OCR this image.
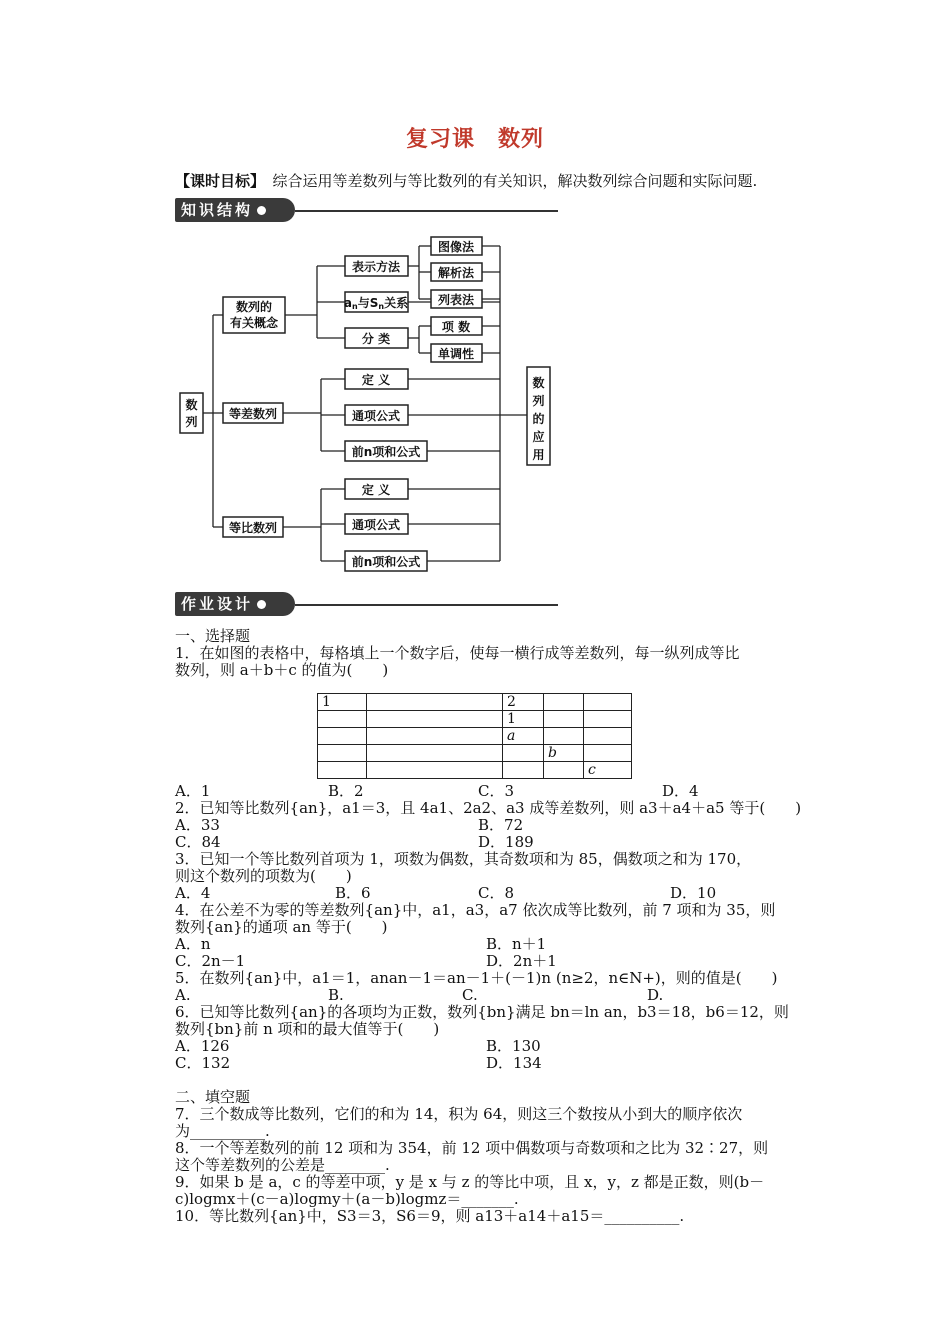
复习课　数列
【课时目标】　综合运用等差数列与等比数列的有关知识，解决数列综合问题和实际问题.
知识结构
数
列
数列的
有关概念
等差数列
等比数列
表示方法
an与Sn关系
分 类
图像法
解析法
列表法
项 数
单调性
定 义
通项公式
前n项和公式
定 义
通项公式
前n项和公式
数
列
的
应
用
作业设计
一、选择题
1．在如图的表格中，每格填上一个数字后，使每一横行成等差数列，每一纵列成等比
数列，则 a＋b＋c 的值为(　　)
1		2		
		1		
		a		
			b	
				c
A．1	B．2	C．3	D．4
2．已知等比数列{an}，a1＝3，且 4a1、2a2、a3 成等差数列，则 a3＋a4＋a5 等于(　　)
A．33	B．72
C．84	D．189
3．已知一个等比数列首项为 1，项数为偶数，其奇数项和为 85，偶数项之和为 170，
则这个数列的项数为(　　)
A．4	B．6	C．8	D．10
4．在公差不为零的等差数列{an}中，a1，a3，a7 依次成等比数列，前 7 项和为 35，则
数列{an}的通项 an 等于(　　)
A．n	B．n＋1
C．2n－1	D．2n＋1
5．在数列{an}中，a1＝1，anan－1＝an－1＋(－1)n (n≥2，n∈N+)，则的值是(　　)
A.	B.	C.	D.
6．已知等比数列{an}的各项均为正数，数列{bn}满足 bn＝ln an，b3＝18，b6＝12，则
数列{bn}前 n 项和的最大值等于(　　)
A．126	B．130
C．132	D．134
二、填空题
7．三个数成等比数列，它们的和为 14，积为 64，则这三个数按从小到大的顺序依次
为__________.
8．一个等差数列的前 12 项和为 354，前 12 项中偶数项与奇数项和之比为 32∶27，则
这个等差数列的公差是________.
9．如果 b 是 a，c 的等差中项，y 是 x 与 z 的等比中项，且 x，y，z 都是正数，则(b－
c)logmx＋(c－a)logmy＋(a－b)logmz＝_______.
10．等比数列{an}中，S3＝3，S6＝9，则 a13＋a14＋a15＝__________.
